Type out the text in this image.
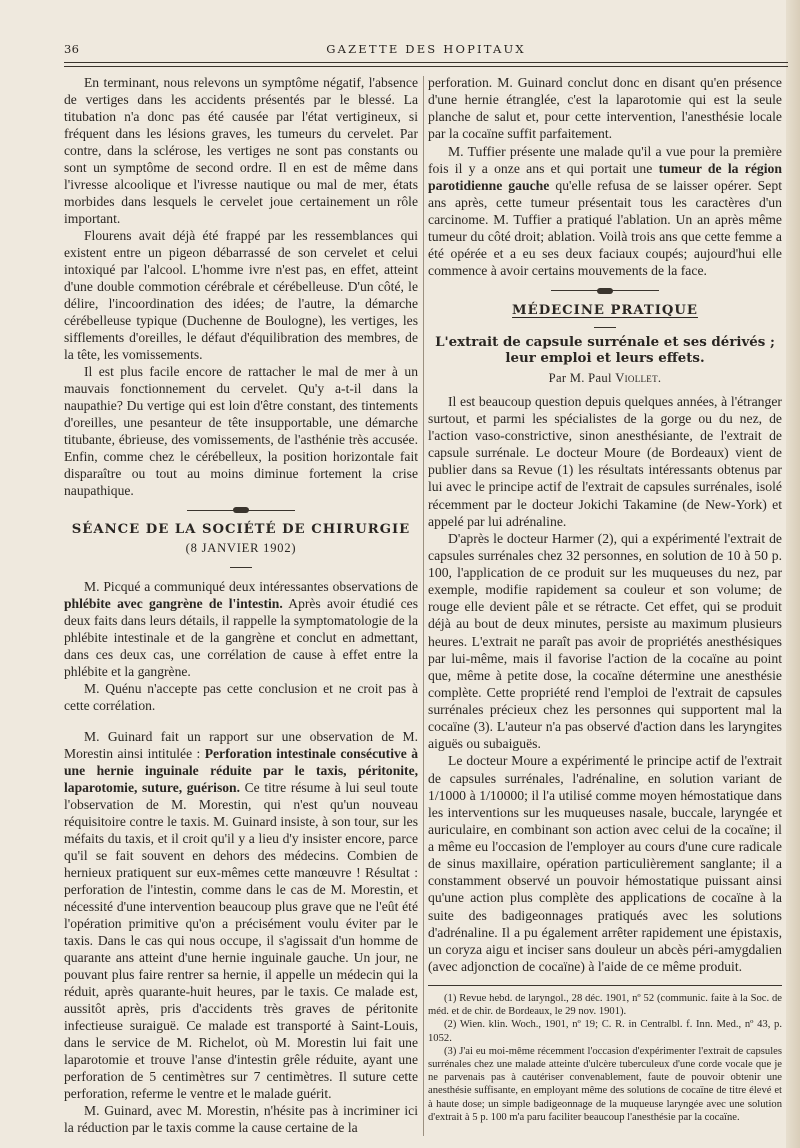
36	GAZETTE DES HOPITAUX

En terminant, nous relevons un symptôme négatif, l'absence de vertiges dans les accidents présentés par le blessé. La titubation n'a donc pas été causée par l'état vertigineux, si fréquent dans les lésions graves, les tumeurs du cervelet. Par contre, dans la sclérose, les vertiges ne sont pas constants ou sont un symptôme de second ordre. Il en est de même dans l'ivresse alcoolique et l'ivresse nautique ou mal de mer, états morbides dans lesquels le cervelet joue certainement un rôle important.

Flourens avait déjà été frappé par les ressemblances qui existent entre un pigeon débarrassé de son cervelet et celui intoxiqué par l'alcool. L'homme ivre n'est pas, en effet, atteint d'une double commotion cérébrale et cérébelleuse. D'un côté, le délire, l'incoordination des idées; de l'autre, la démarche cérébelleuse typique (Duchenne de Boulogne), les vertiges, les sifflements d'oreilles, le défaut d'équilibration des membres, de la tête, les vomissements.

Il est plus facile encore de rattacher le mal de mer à un mauvais fonctionnement du cervelet. Qu'y a-t-il dans la naupathie? Du vertige qui est loin d'être constant, des tintements d'oreilles, une pesanteur de tête insupportable, une démarche titubante, ébrieuse, des vomissements, de l'asthénie très accusée. Enfin, comme chez le cérébelleux, la position horizontale fait disparaître ou tout au moins diminue fortement la crise naupathique.

SÉANCE DE LA SOCIÉTÉ DE CHIRURGIE
(8 JANVIER 1902)

M. Picqué a communiqué deux intéressantes observations de phlébite avec gangrène de l'intestin. Après avoir étudié ces deux faits dans leurs détails, il rappelle la symptomatologie de la phlébite intestinale et de la gangrène et conclut en admettant, dans ces deux cas, une corrélation de cause à effet entre la phlébite et la gangrène.

M. Quénu n'accepte pas cette conclusion et ne croit pas à cette corrélation.

M. Guinard fait un rapport sur une observation de M. Morestin ainsi intitulée : Perforation intestinale consécutive à une hernie inguinale réduite par le taxis, péritonite, laparotomie, suture, guérison. Ce titre résume à lui seul toute l'observation de M. Morestin, qui n'est qu'un nouveau réquisitoire contre le taxis. M. Guinard insiste, à son tour, sur les méfaits du taxis, et il croit qu'il y a lieu d'y insister encore, parce qu'il se fait souvent en dehors des médecins. Combien de hernieux pratiquent sur eux-mêmes cette manœuvre ! Résultat : perforation de l'intestin, comme dans le cas de M. Morestin, et nécessité d'une intervention beaucoup plus grave que ne l'eût été l'opération primitive qu'on a précisément voulu éviter par le taxis. Dans le cas qui nous occupe, il s'agissait d'un homme de quarante ans atteint d'une hernie inguinale gauche. Un jour, ne pouvant plus faire rentrer sa hernie, il appelle un médecin qui la réduit, après quarante-huit heures, par le taxis. Ce malade est, aussitôt après, pris d'accidents très graves de péritonite infectieuse suraiguë. Ce malade est transporté à Saint-Louis, dans le service de M. Richelot, où M. Morestin lui fait une laparotomie et trouve l'anse d'intestin grêle réduite, ayant une perforation de 5 centimètres sur 7 centimètres. Il suture cette perforation, referme le ventre et le malade guérit.

M. Guinard, avec M. Morestin, n'hésite pas à incriminer ici la réduction par le taxis comme la cause certaine de la

perforation. M. Guinard conclut donc en disant qu'en présence d'une hernie étranglée, c'est la laparotomie qui est la seule planche de salut et, pour cette intervention, l'anesthésie locale par la cocaïne suffit parfaitement.

M. Tuffier présente une malade qu'il a vue pour la première fois il y a onze ans et qui portait une tumeur de la région parotidienne gauche qu'elle refusa de se laisser opérer. Sept ans après, cette tumeur présentait tous les caractères d'un carcinome. M. Tuffier a pratiqué l'ablation. Un an après même tumeur du côté droit; ablation. Voilà trois ans que cette femme a été opérée et a eu ses deux faciaux coupés; aujourd'hui elle commence à avoir certains mouvements de la face.

MÉDECINE PRATIQUE
L'extrait de capsule surrénale et ses dérivés ; leur emploi et leurs effets.
Par M. Paul Viollet.

Il est beaucoup question depuis quelques années, à l'étranger surtout, et parmi les spécialistes de la gorge ou du nez, de l'action vaso-constrictive, sinon anesthésiante, de l'extrait de capsule surrénale. Le docteur Moure (de Bordeaux) vient de publier dans sa Revue (1) les résultats intéressants obtenus par lui avec le principe actif de l'extrait de capsules surrénales, isolé récemment par le docteur Jokichi Takamine (de New-York) et appelé par lui adrénaline.

D'après le docteur Harmer (2), qui a expérimenté l'extrait de capsules surrénales chez 32 personnes, en solution de 10 à 50 p. 100, l'application de ce produit sur les muqueuses du nez, par exemple, modifie rapidement sa couleur et son volume; de rouge elle devient pâle et se rétracte. Cet effet, qui se produit déjà au bout de deux minutes, persiste au maximum plusieurs heures. L'extrait ne paraît pas avoir de propriétés anesthésiques par lui-même, mais il favorise l'action de la cocaïne au point que, même à petite dose, la cocaïne détermine une anesthésie complète. Cette propriété rend l'emploi de l'extrait de capsules surrénales précieux chez les personnes qui supportent mal la cocaïne (3). L'auteur n'a pas observé d'action dans les laryngites aiguës ou subaiguës.

Le docteur Moure a expérimenté le principe actif de l'extrait de capsules surrénales, l'adrénaline, en solution variant de 1/1000 à 1/10000; il l'a utilisé comme moyen hémostatique dans les interventions sur les muqueuses nasale, buccale, laryngée et auriculaire, en combinant son action avec celui de la cocaïne; il a même eu l'occasion de l'employer au cours d'une cure radicale de sinus maxillaire, opération particulièrement sanglante; il a constamment observé un pouvoir hémostatique puissant ainsi qu'une action plus complète des applications de cocaïne à la suite des badigeonnages pratiqués avec les solutions d'adrénaline. Il a pu également arrêter rapidement une épistaxis, un coryza aigu et inciser sans douleur un abcès péri-amygdalien (avec adjonction de cocaïne) à l'aide de ce même produit.

(1) Revue hebd. de laryngol., 28 déc. 1901, nº 52 (communic. faite à la Soc. de méd. et de chir. de Bordeaux, le 29 nov. 1901).

(2) Wien. klin. Woch., 1901, nº 19; C. R. in Centralbl. f. Inn. Med., nº 43, p. 1052.

(3) J'ai eu moi-même récemment l'occasion d'expérimenter l'extrait de capsules surrénales chez une malade atteinte d'ulcère tuberculeux d'une corde vocale que je ne parvenais pas à cautériser convenablement, faute de pouvoir obtenir une anesthésie suffisante, en employant même des solutions de cocaïne de titre élevé et à haute dose; un simple badigeonnage de la muqueuse laryngée avec une solution d'extrait à 5 p. 100 m'a paru faciliter beaucoup l'anesthésie par la cocaïne.
